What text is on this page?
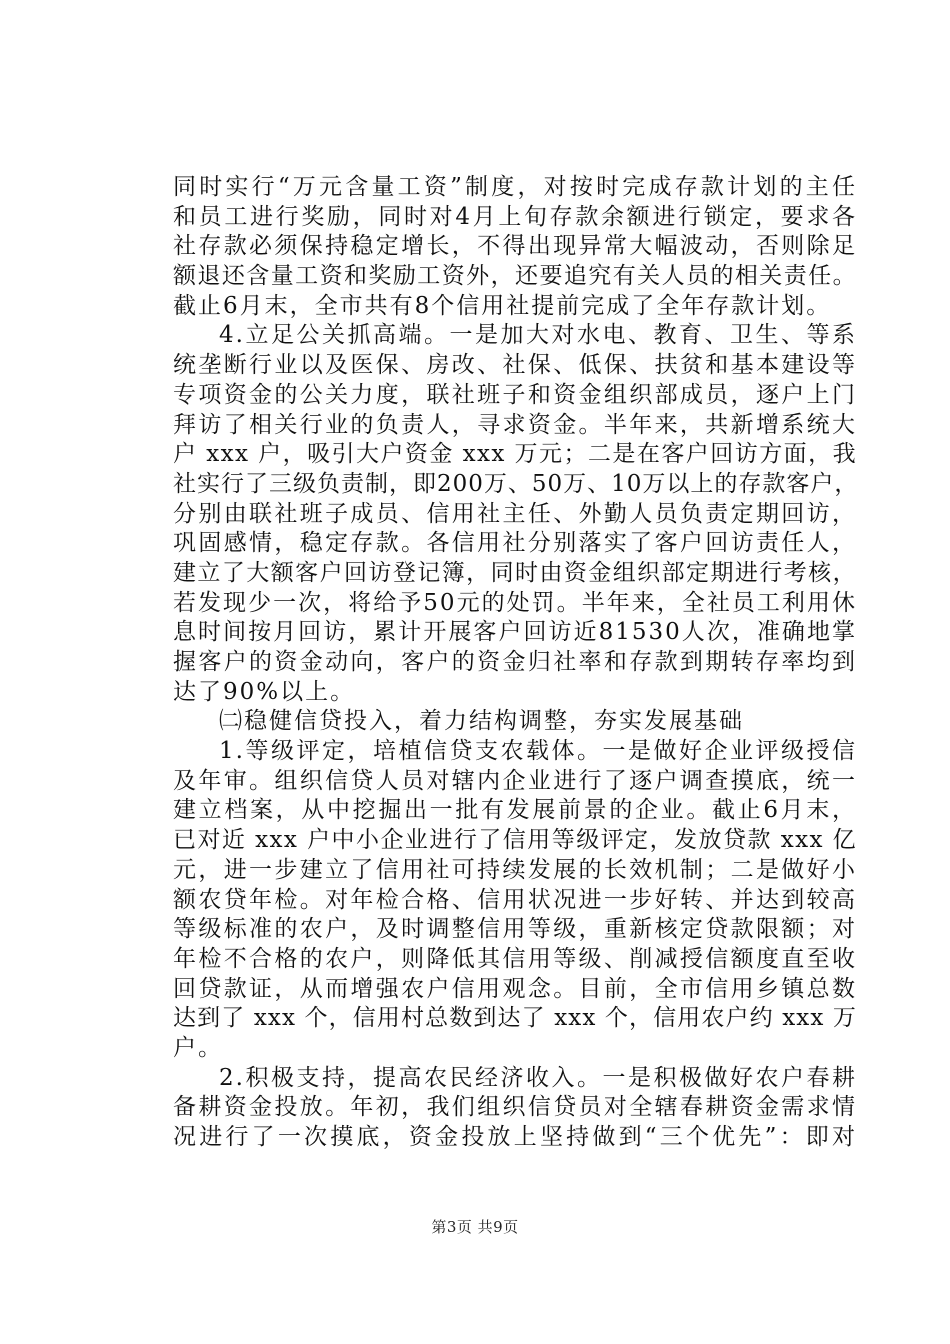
同时实行“万元含量工资”制度，对按时完成存款计划的主任
和员工进行奖励，同时对4月上旬存款余额进行锁定，要求各
社存款必须保持稳定增长，不得出现异常大幅波动，否则除足
额退还含量工资和奖励工资外，还要追究有关人员的相关责任。
截止6月末，全市共有8个信用社提前完成了全年存款计划。
4.立足公关抓高端。一是加大对水电、教育、卫生、等系
统垄断行业以及医保、房改、社保、低保、扶贫和基本建设等
专项资金的公关力度，联社班子和资金组织部成员，逐户上门
拜访了相关行业的负责人，寻求资金。半年来，共新增系统大
户 xxx 户，吸引大户资金 xxx 万元；二是在客户回访方面，我
社实行了三级负责制，即200万、50万、10万以上的存款客户，
分别由联社班子成员、信用社主任、外勤人员负责定期回访，
巩固感情，稳定存款。各信用社分别落实了客户回访责任人，
建立了大额客户回访登记簿，同时由资金组织部定期进行考核，
若发现少一次，将给予50元的处罚。半年来，全社员工利用休
息时间按月回访，累计开展客户回访近81530人次，准确地掌
握客户的资金动向，客户的资金归社率和存款到期转存率均到
达了90%以上。
㈡稳健信贷投入，着力结构调整，夯实发展基础
1.等级评定，培植信贷支农载体。一是做好企业评级授信
及年审。组织信贷人员对辖内企业进行了逐户调查摸底，统一
建立档案，从中挖掘出一批有发展前景的企业。截止6月末，
已对近 xxx 户中小企业进行了信用等级评定，发放贷款 xxx 亿
元，进一步建立了信用社可持续发展的长效机制；二是做好小
额农贷年检。对年检合格、信用状况进一步好转、并达到较高
等级标准的农户，及时调整信用等级，重新核定贷款限额；对
年检不合格的农户，则降低其信用等级、削减授信额度直至收
回贷款证，从而增强农户信用观念。目前，全市信用乡镇总数
达到了 xxx 个，信用村总数到达了 xxx 个，信用农户约 xxx 万
户。
2.积极支持，提高农民经济收入。一是积极做好农户春耕
备耕资金投放。年初，我们组织信贷员对全辖春耕资金需求情
况进行了一次摸底，资金投放上坚持做到“三个优先”：即对
第3页 共9页
